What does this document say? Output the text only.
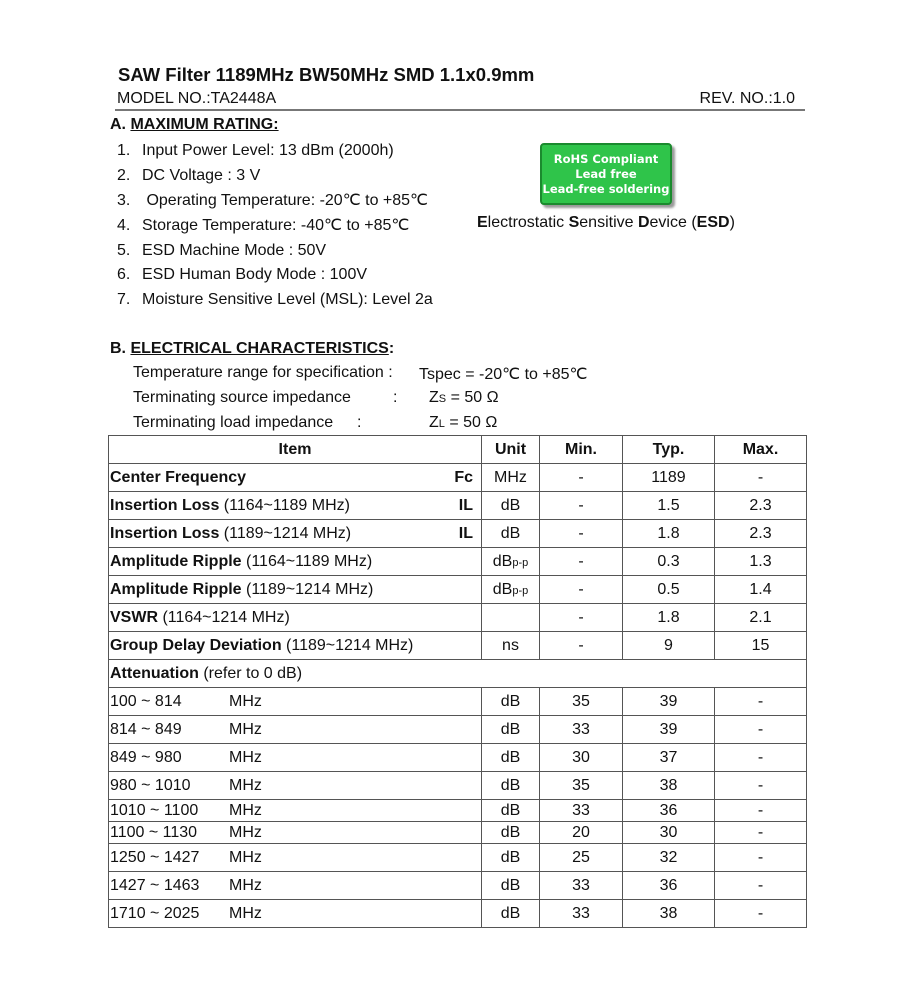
SAW Filter 1189MHz BW50MHz SMD 1.1x0.9mm
MODEL NO.:TA2448A	REV. NO.:1.0
A. MAXIMUM RATING:
1. Input Power Level: 13 dBm (2000h)
2. DC Voltage : 3 V
3. Operating Temperature: -20℃ to +85℃
4. Storage Temperature: -40℃ to +85℃
5. ESD Machine Mode : 50V
6. ESD Human Body Mode : 100V
7. Moisture Sensitive Level (MSL): Level 2a
RoHS Compliant
Lead free
Lead-free soldering
Electrostatic Sensitive Device (ESD)
B. ELECTRICAL CHARACTERISTICS:
Temperature range for specification : Tspec = -20℃ to +85℃
Terminating source impedance	: ZS = 50 Ω
Terminating load impedance :	ZL = 50 Ω
Item	Unit	Min.	Typ.	Max.
Center Frequency Fc	MHz	-	1189	-
Insertion Loss (1164~1189 MHz) IL	dB	-	1.5	2.3
Insertion Loss (1189~1214 MHz) IL	dB	-	1.8	2.3
Amplitude Ripple (1164~1189 MHz)	dBp-p	-	0.3	1.3
Amplitude Ripple (1189~1214 MHz)	dBp-p	-	0.5	1.4
VSWR (1164~1214 MHz)		-	1.8	2.1
Group Delay Deviation (1189~1214 MHz)	ns	-	9	15
Attenuation (refer to 0 dB)				
100 ~ 814 MHz	dB	35	39	-
814 ~ 849 MHz	dB	33	39	-
849 ~ 980 MHz	dB	30	37	-
980 ~ 1010 MHz	dB	35	38	-
1010 ~ 1100 MHz	dB	33	36	-
1100 ~ 1130 MHz	dB	20	30	-
1250 ~ 1427 MHz	dB	25	32	-
1427 ~ 1463 MHz	dB	33	36	-
1710 ~ 2025 MHz	dB	33	38	-
